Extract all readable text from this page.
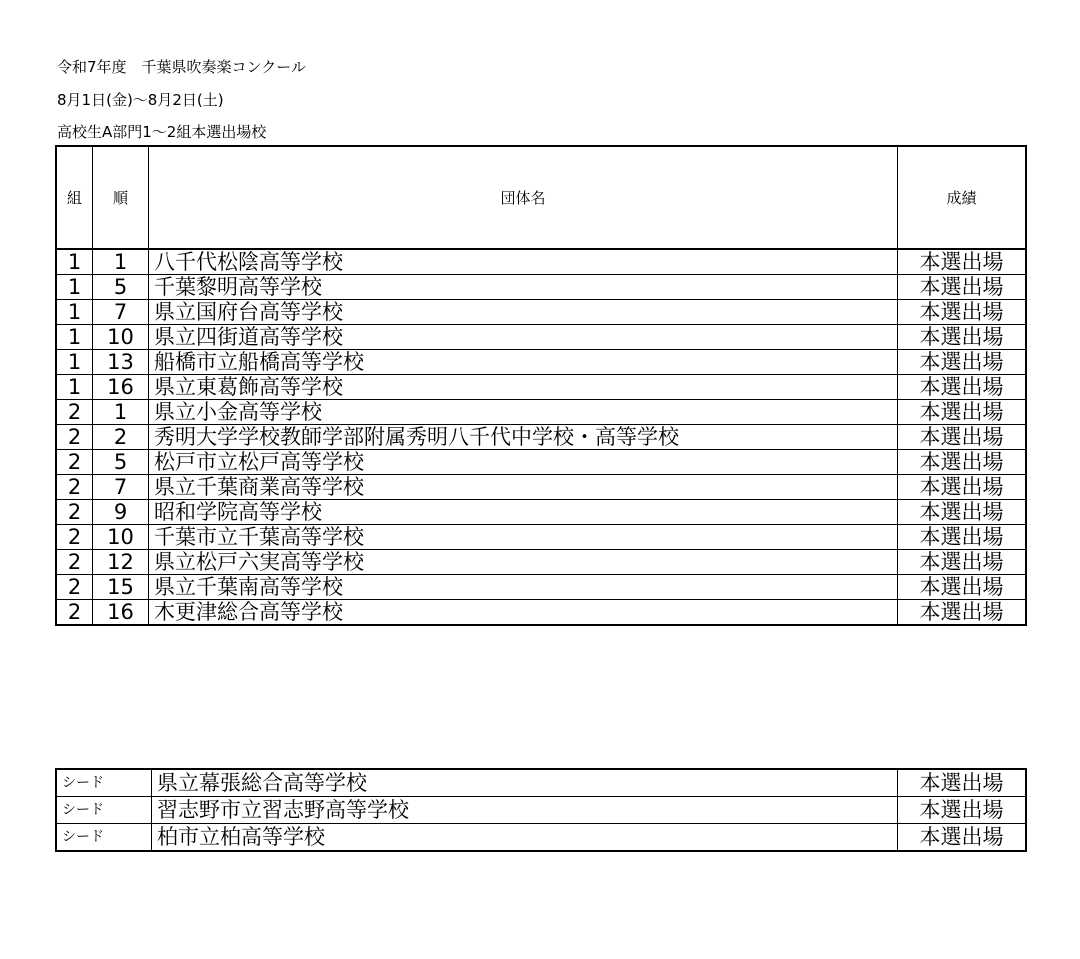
令和7年度　千葉県吹奏楽コンクール
8月1日(金)～8月2日(土)
高校生A部門1～2組本選出場校
組	順	団体名	成績
1	1	八千代松陰高等学校	本選出場
1	5	千葉黎明高等学校	本選出場
1	7	県立国府台高等学校	本選出場
1	10	県立四街道高等学校	本選出場
1	13	船橋市立船橋高等学校	本選出場
1	16	県立東葛飾高等学校	本選出場
2	1	県立小金高等学校	本選出場
2	2	秀明大学学校教師学部附属秀明八千代中学校・高等学校	本選出場
2	5	松戸市立松戸高等学校	本選出場
2	7	県立千葉商業高等学校	本選出場
2	9	昭和学院高等学校	本選出場
2	10	千葉市立千葉高等学校	本選出場
2	12	県立松戸六実高等学校	本選出場
2	15	県立千葉南高等学校	本選出場
2	16	木更津総合高等学校	本選出場
シード	県立幕張総合高等学校	本選出場
シード	習志野市立習志野高等学校	本選出場
シード	柏市立柏高等学校	本選出場
